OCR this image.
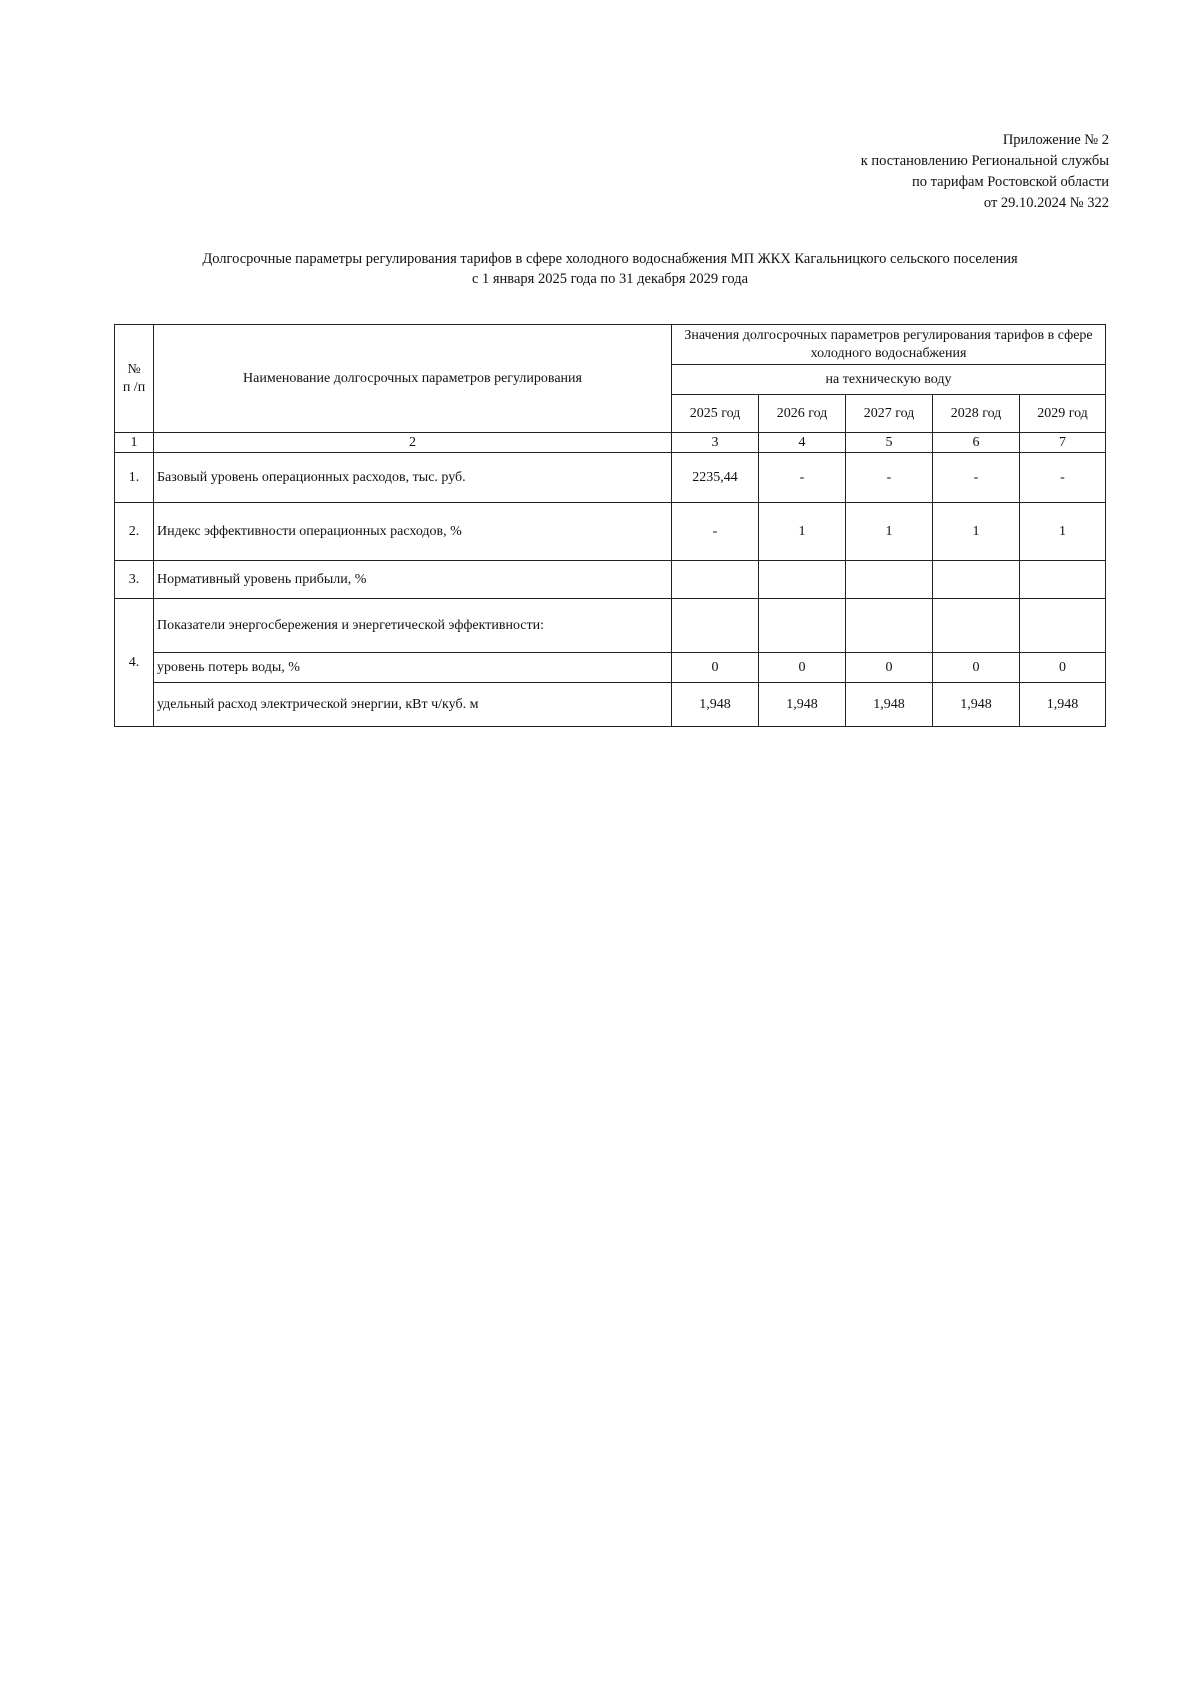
Приложение № 2
к постановлению Региональной службы
по тарифам Ростовской области
от 29.10.2024 № 322
Долгосрочные параметры регулирования тарифов в сфере холодного водоснабжения МП ЖКХ Кагальницкого сельского поселения
с 1 января 2025 года по 31 декабря 2029 года
№
п /п	Наименование долгосрочных параметров регулирования	Значения долгосрочных параметров регулирования тарифов в сфере холодного водоснабжения				
		на техническую воду				
		2025 год	2026 год	2027 год	2028 год	2029 год
1	2	3	4	5	6	7
1.	Базовый уровень операционных расходов, тыс. руб.	2235,44	-	-	-	-
2.	Индекс эффективности операционных расходов, %	-	1	1	1	1
3.	Нормативный уровень прибыли, %					
4.	Показатели энергосбережения и энергетической эффективности:					
	уровень потерь воды, %	0	0	0	0	0
	удельный расход электрической энергии, кВт ч/куб. м	1,948	1,948	1,948	1,948	1,948
